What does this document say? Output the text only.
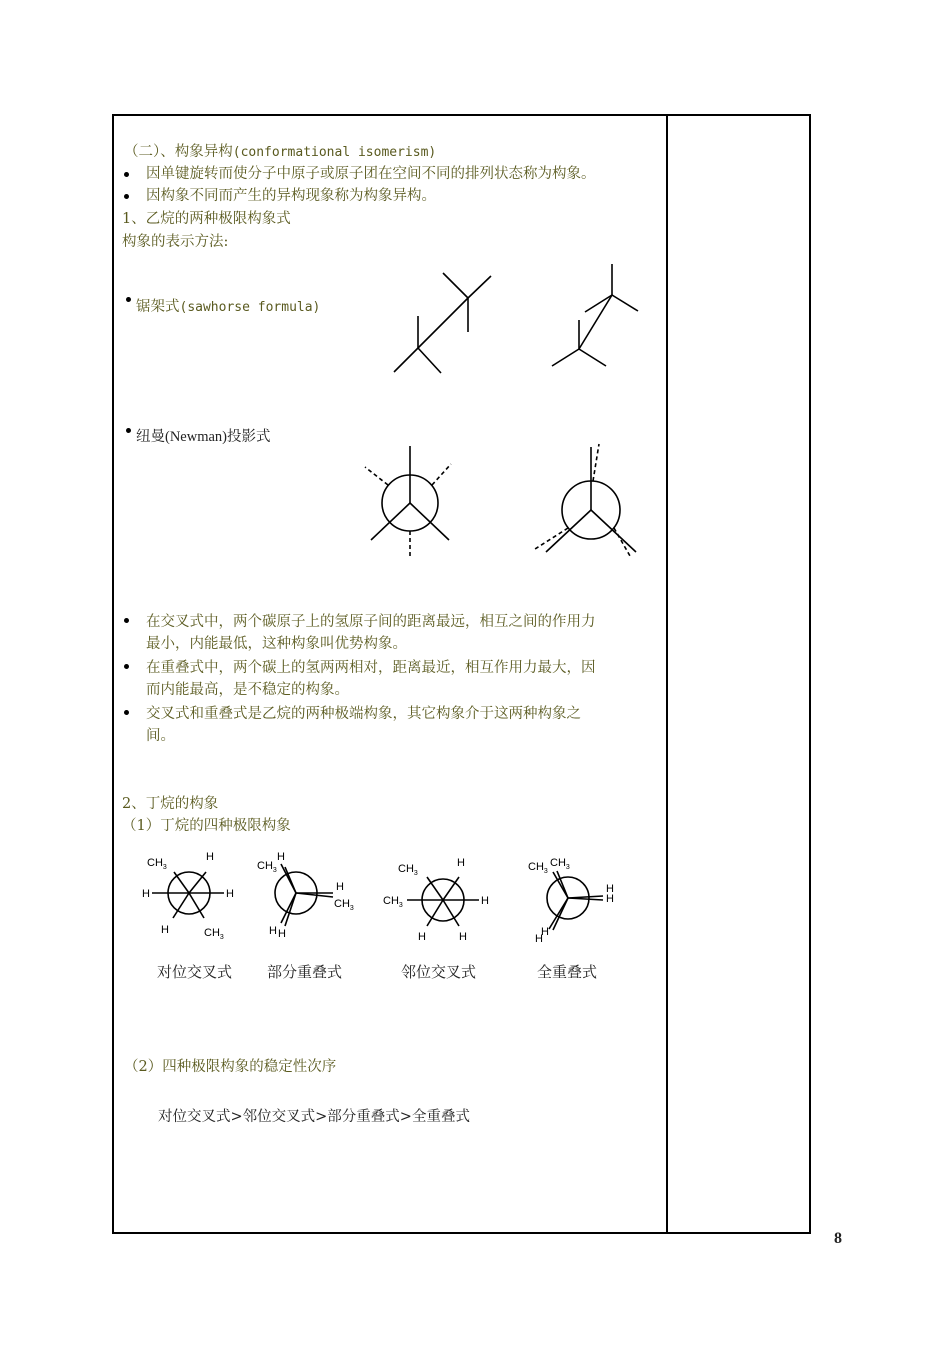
（二）、构象异构(conformational isomerism)
因单键旋转而使分子中原子或原子团在空间不同的排列状态称为构象。
因构象不同而产生的异构现象称为构象异构。
1、乙烷的两种极限构象式
构象的表示方法:
锯架式(sawhorse formula)
$CH_3$
H
H	H
H	$CH_3$
$CH_3$
H
H
$CH_3$
H H
$CH_3$
H
$CH_3$	H
H	H
$CH_3$
$CH_3$
H
H
H
H
纽曼(Newman)投影式
在交叉式中，两个碳原子上的氢原子间的距离最远，相互之间的作用力
最小，内能最低，这种构象叫优势构象。
在重叠式中，两个碳上的氢两两相对，距离最近，相互作用力最大，因
而内能最高，是不稳定的构象。
交叉式和重叠式是乙烷的两种极端构象，其它构象介于这两种构象之
间。
2、丁烷的构象
（1）丁烷的四种极限构象
对位交叉式 部分重叠式	邻位交叉式	全重叠式
（2）四种极限构象的稳定性次序
对位交叉式>邻位交叉式>部分重叠式>全重叠式
8
